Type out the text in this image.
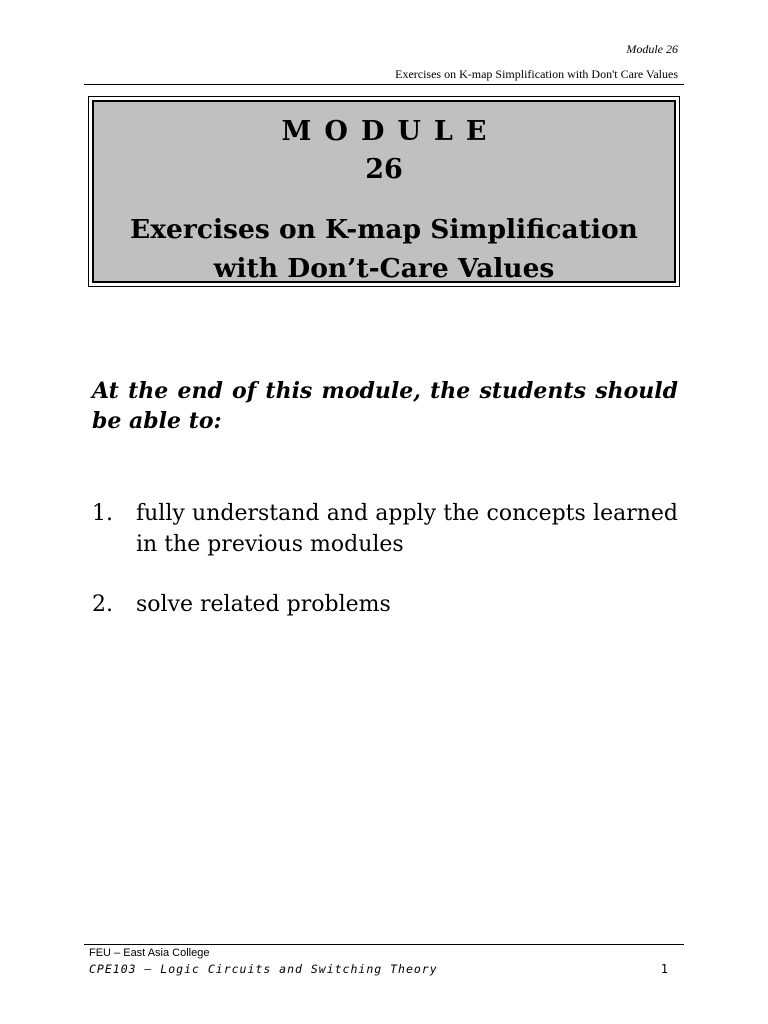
Module 26
Exercises on K-map Simplification with Don't Care Values
MODULE
26
Exercises on K-map Simplification
with Don’t-Care Values
At the end of this module, the students should be able to:
1.	fully understand and apply the concepts learned in the previous modules
2.	solve related problems
FEU – East Asia College
CPE103 – Logic Circuits and Switching Theory	1
